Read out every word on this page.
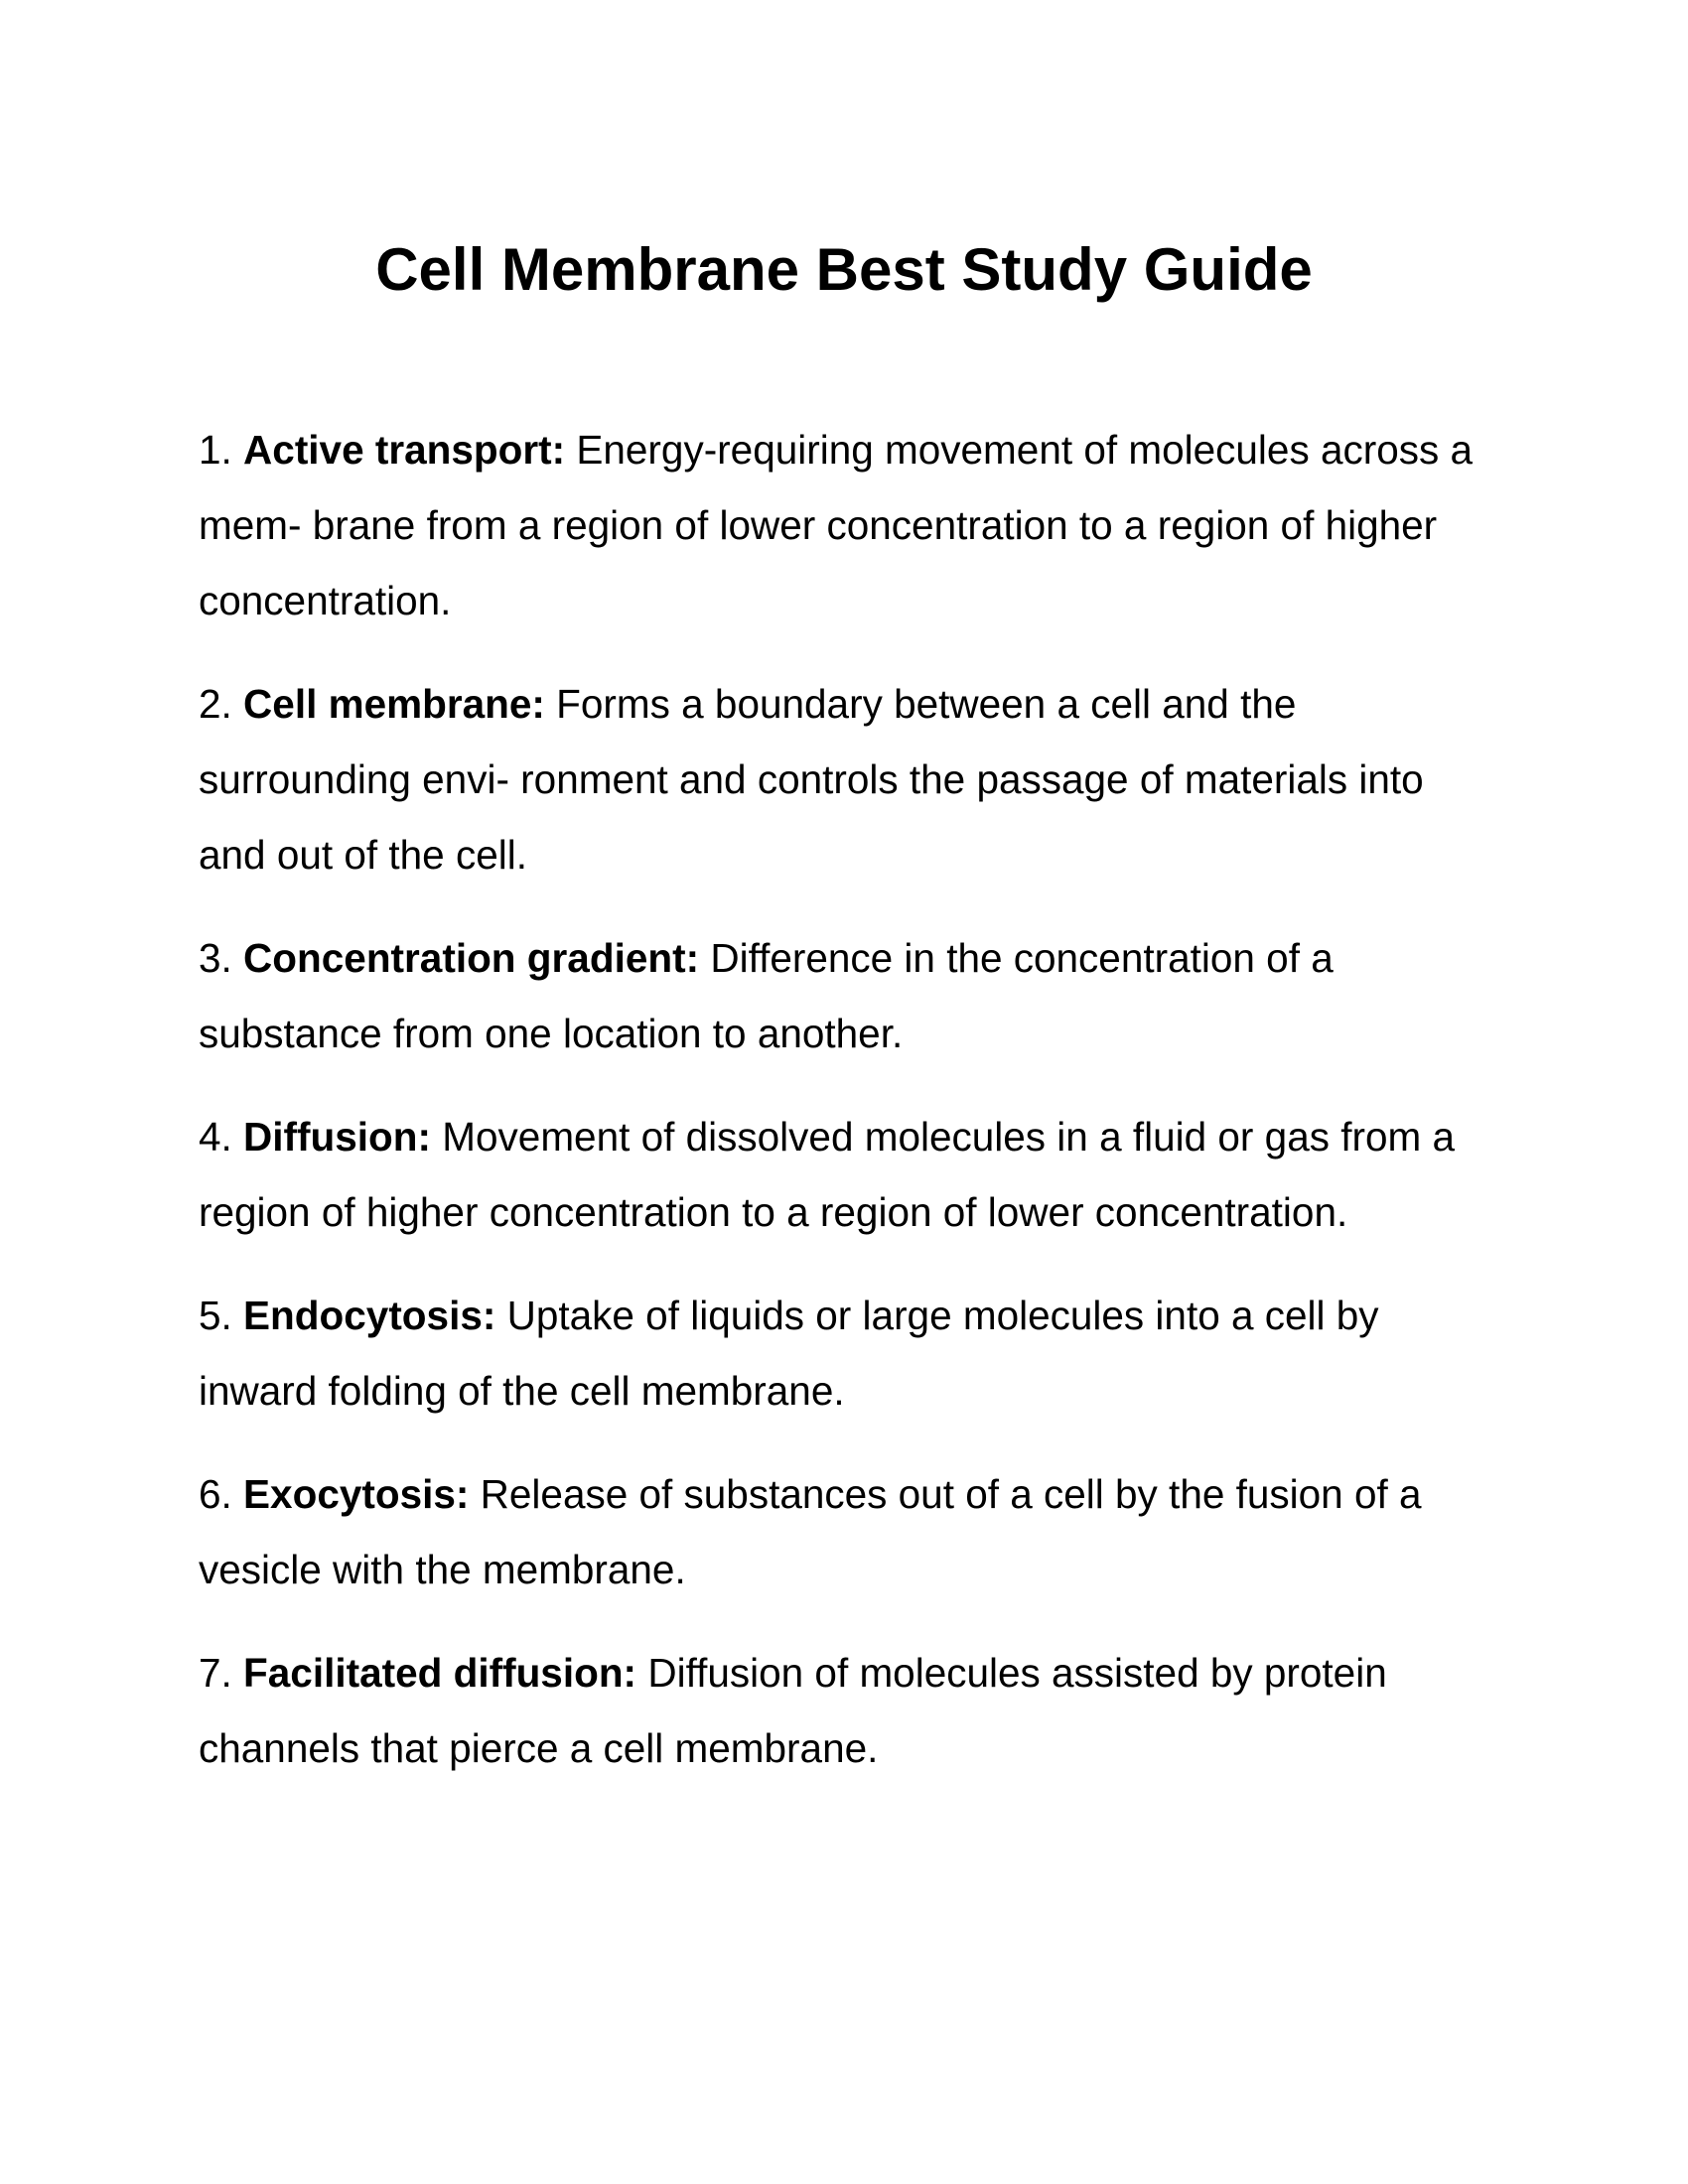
Cell Membrane Best Study Guide
1. Active transport: Energy-requiring movement of molecules across a mem- brane from a region of lower concentration to a region of higher concentration.
2. Cell membrane: Forms a boundary between a cell and the surrounding envi- ronment and controls the passage of materials into and out of the cell.
3. Concentration gradient: Difference in the concentration of a substance from one location to another.
4. Diffusion: Movement of dissolved molecules in a fluid or gas from a region of higher concentration to a region of lower concentration.
5. Endocytosis: Uptake of liquids or large molecules into a cell by inward folding of the cell membrane.
6. Exocytosis: Release of substances out of a cell by the fusion of a vesicle with the membrane.
7. Facilitated diffusion: Diffusion of molecules assisted by protein channels that pierce a cell membrane.
